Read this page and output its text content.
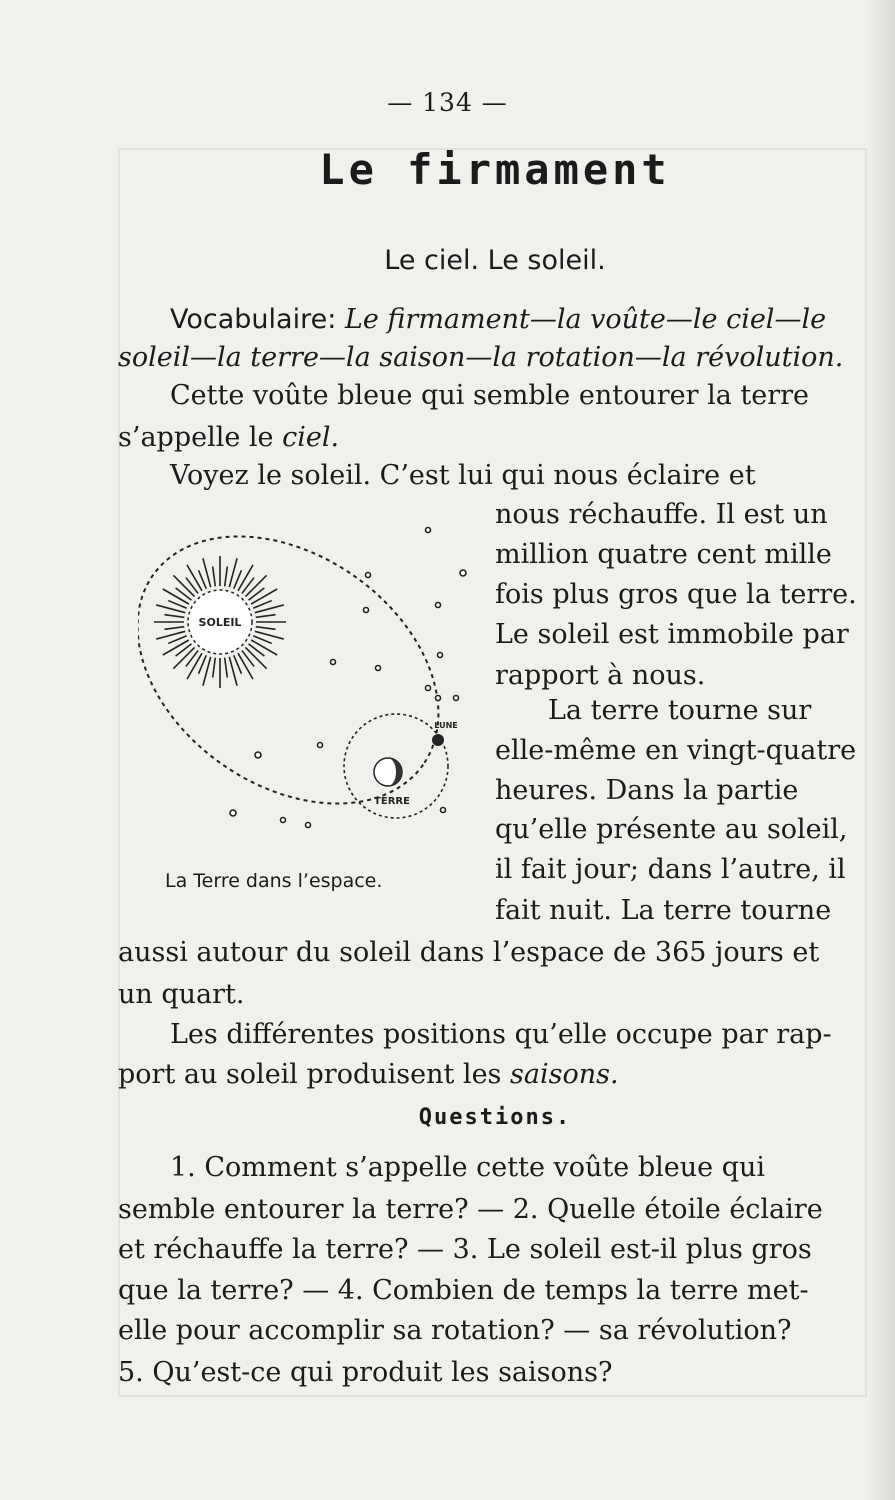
— 134 —
Le firmament
Le ciel. Le soleil.
Vocabulaire: Le firmament—la voûte—le ciel—le
soleil—la terre—la saison—la rotation—la révolution.
Cette voûte bleue qui semble entourer la terre
s’appelle le ciel.
Voyez le soleil. C’est lui qui nous éclaire et
nous réchauffe. Il est un
million quatre cent mille
fois plus gros que la terre.
Le soleil est immobile par
rapport à nous.
La terre tourne sur
elle-même en vingt-quatre
heures. Dans la partie
qu’elle présente au soleil,
il fait jour; dans l’autre, il
fait nuit. La terre tourne
aussi autour du soleil dans l’espace de 365 jours et
un quart.
Les différentes positions qu’elle occupe par rap-
port au soleil produisent les saisons.
SOLEIL
TERRE
LUNE
La Terre dans l’espace.
Questions.
1. Comment s’appelle cette voûte bleue qui
semble entourer la terre? — 2. Quelle étoile éclaire
et réchauffe la terre? — 3. Le soleil est-il plus gros
que la terre? — 4. Combien de temps la terre met-
elle pour accomplir sa rotation? — sa révolution?
5. Qu’est-ce qui produit les saisons?
